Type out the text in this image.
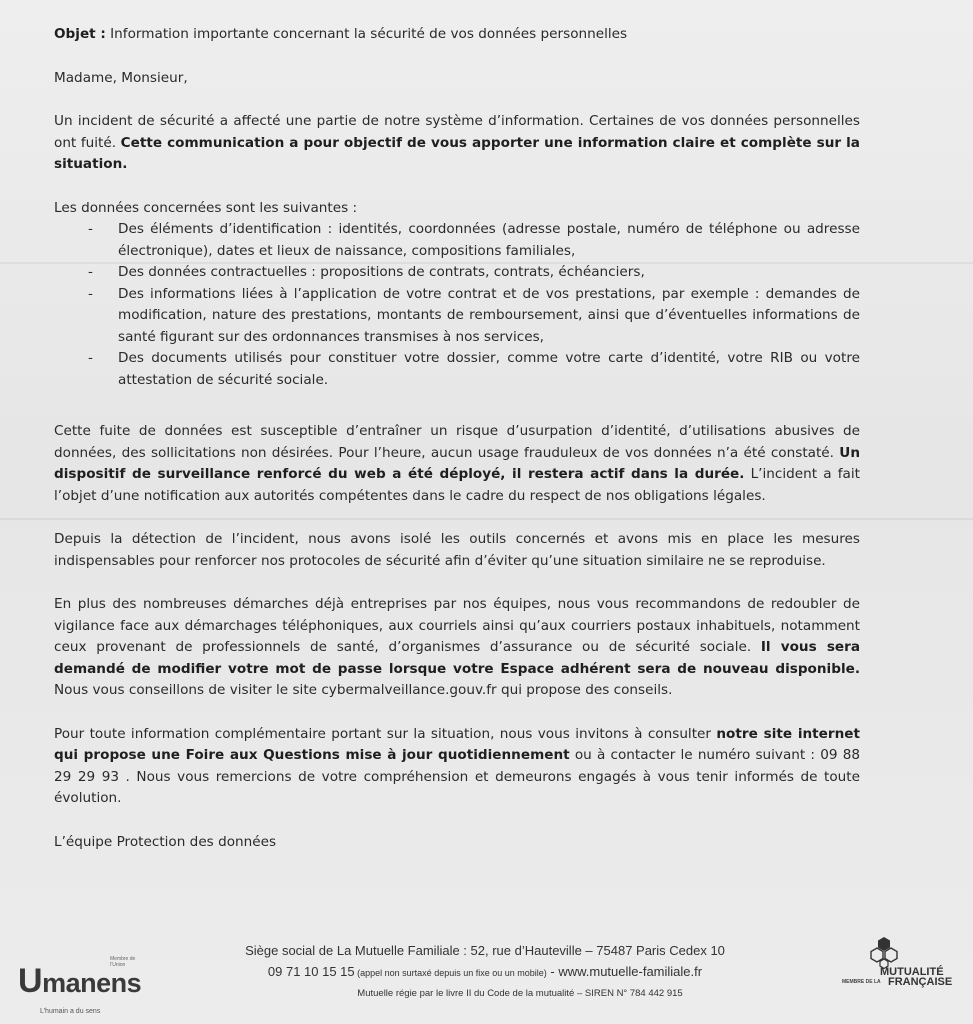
Objet : Information importante concernant la sécurité de vos données personnelles

Madame, Monsieur,

Un incident de sécurité a affecté une partie de notre système d’information. Certaines de vos données personnelles ont fuité. Cette communication a pour objectif de vous apporter une information claire et complète sur la situation.

Les données concernées sont les suivantes :

- Des éléments d’identification : identités, coordonnées (adresse postale, numéro de téléphone ou adresse électronique), dates et lieux de naissance, compositions familiales,
- Des données contractuelles : propositions de contrats, contrats, échéanciers,
- Des informations liées à l’application de votre contrat et de vos prestations, par exemple : demandes de modification, nature des prestations, montants de remboursement, ainsi que d’éventuelles informations de santé figurant sur des ordonnances transmises à nos services,
- Des documents utilisés pour constituer votre dossier, comme votre carte d’identité, votre RIB ou votre attestation de sécurité sociale.

Cette fuite de données est susceptible d’entraîner un risque d’usurpation d’identité, d’utilisations abusives de données, des sollicitations non désirées. Pour l’heure, aucun usage frauduleux de vos données n’a été constaté. Un dispositif de surveillance renforcé du web a été déployé, il restera actif dans la durée. L’incident a fait l’objet d’une notification aux autorités compétentes dans le cadre du respect de nos obligations légales.

Depuis la détection de l’incident, nous avons isolé les outils concernés et avons mis en place les mesures indispensables pour renforcer nos protocoles de sécurité afin d’éviter qu’une situation similaire ne se reproduise.

En plus des nombreuses démarches déjà entreprises par nos équipes, nous vous recommandons de redoubler de vigilance face aux démarchages téléphoniques, aux courriels ainsi qu’aux courriers postaux inhabituels, notamment ceux provenant de professionnels de santé, d’organismes d’assurance ou de sécurité sociale. Il vous sera demandé de modifier votre mot de passe lorsque votre Espace adhérent sera de nouveau disponible. Nous vous conseillons de visiter le site cybermalveillance.gouv.fr qui propose des conseils.

Pour toute information complémentaire portant sur la situation, nous vous invitons à consulter notre site internet qui propose une Foire aux Questions mise à jour quotidiennement ou à contacter le numéro suivant : 09 88 29 29 93 . Nous vous remercions de votre compréhension et demeurons engagés à vous tenir informés de toute évolution.

L’équipe Protection des données

Membre de l’Union
Umanens
L’humain a du sens
Siège social de La Mutuelle Familiale : 52, rue d’Hauteville – 75487 Paris Cedex 10
09 71 10 15 15 (appel non surtaxé depuis un fixe ou un mobile) - www.mutuelle-familiale.fr
Mutuelle régie par le livre II du Code de la mutualité – SIREN N° 784 442 915
MUTUALITÉ
MEMBRE DE LA FRANÇAISE
